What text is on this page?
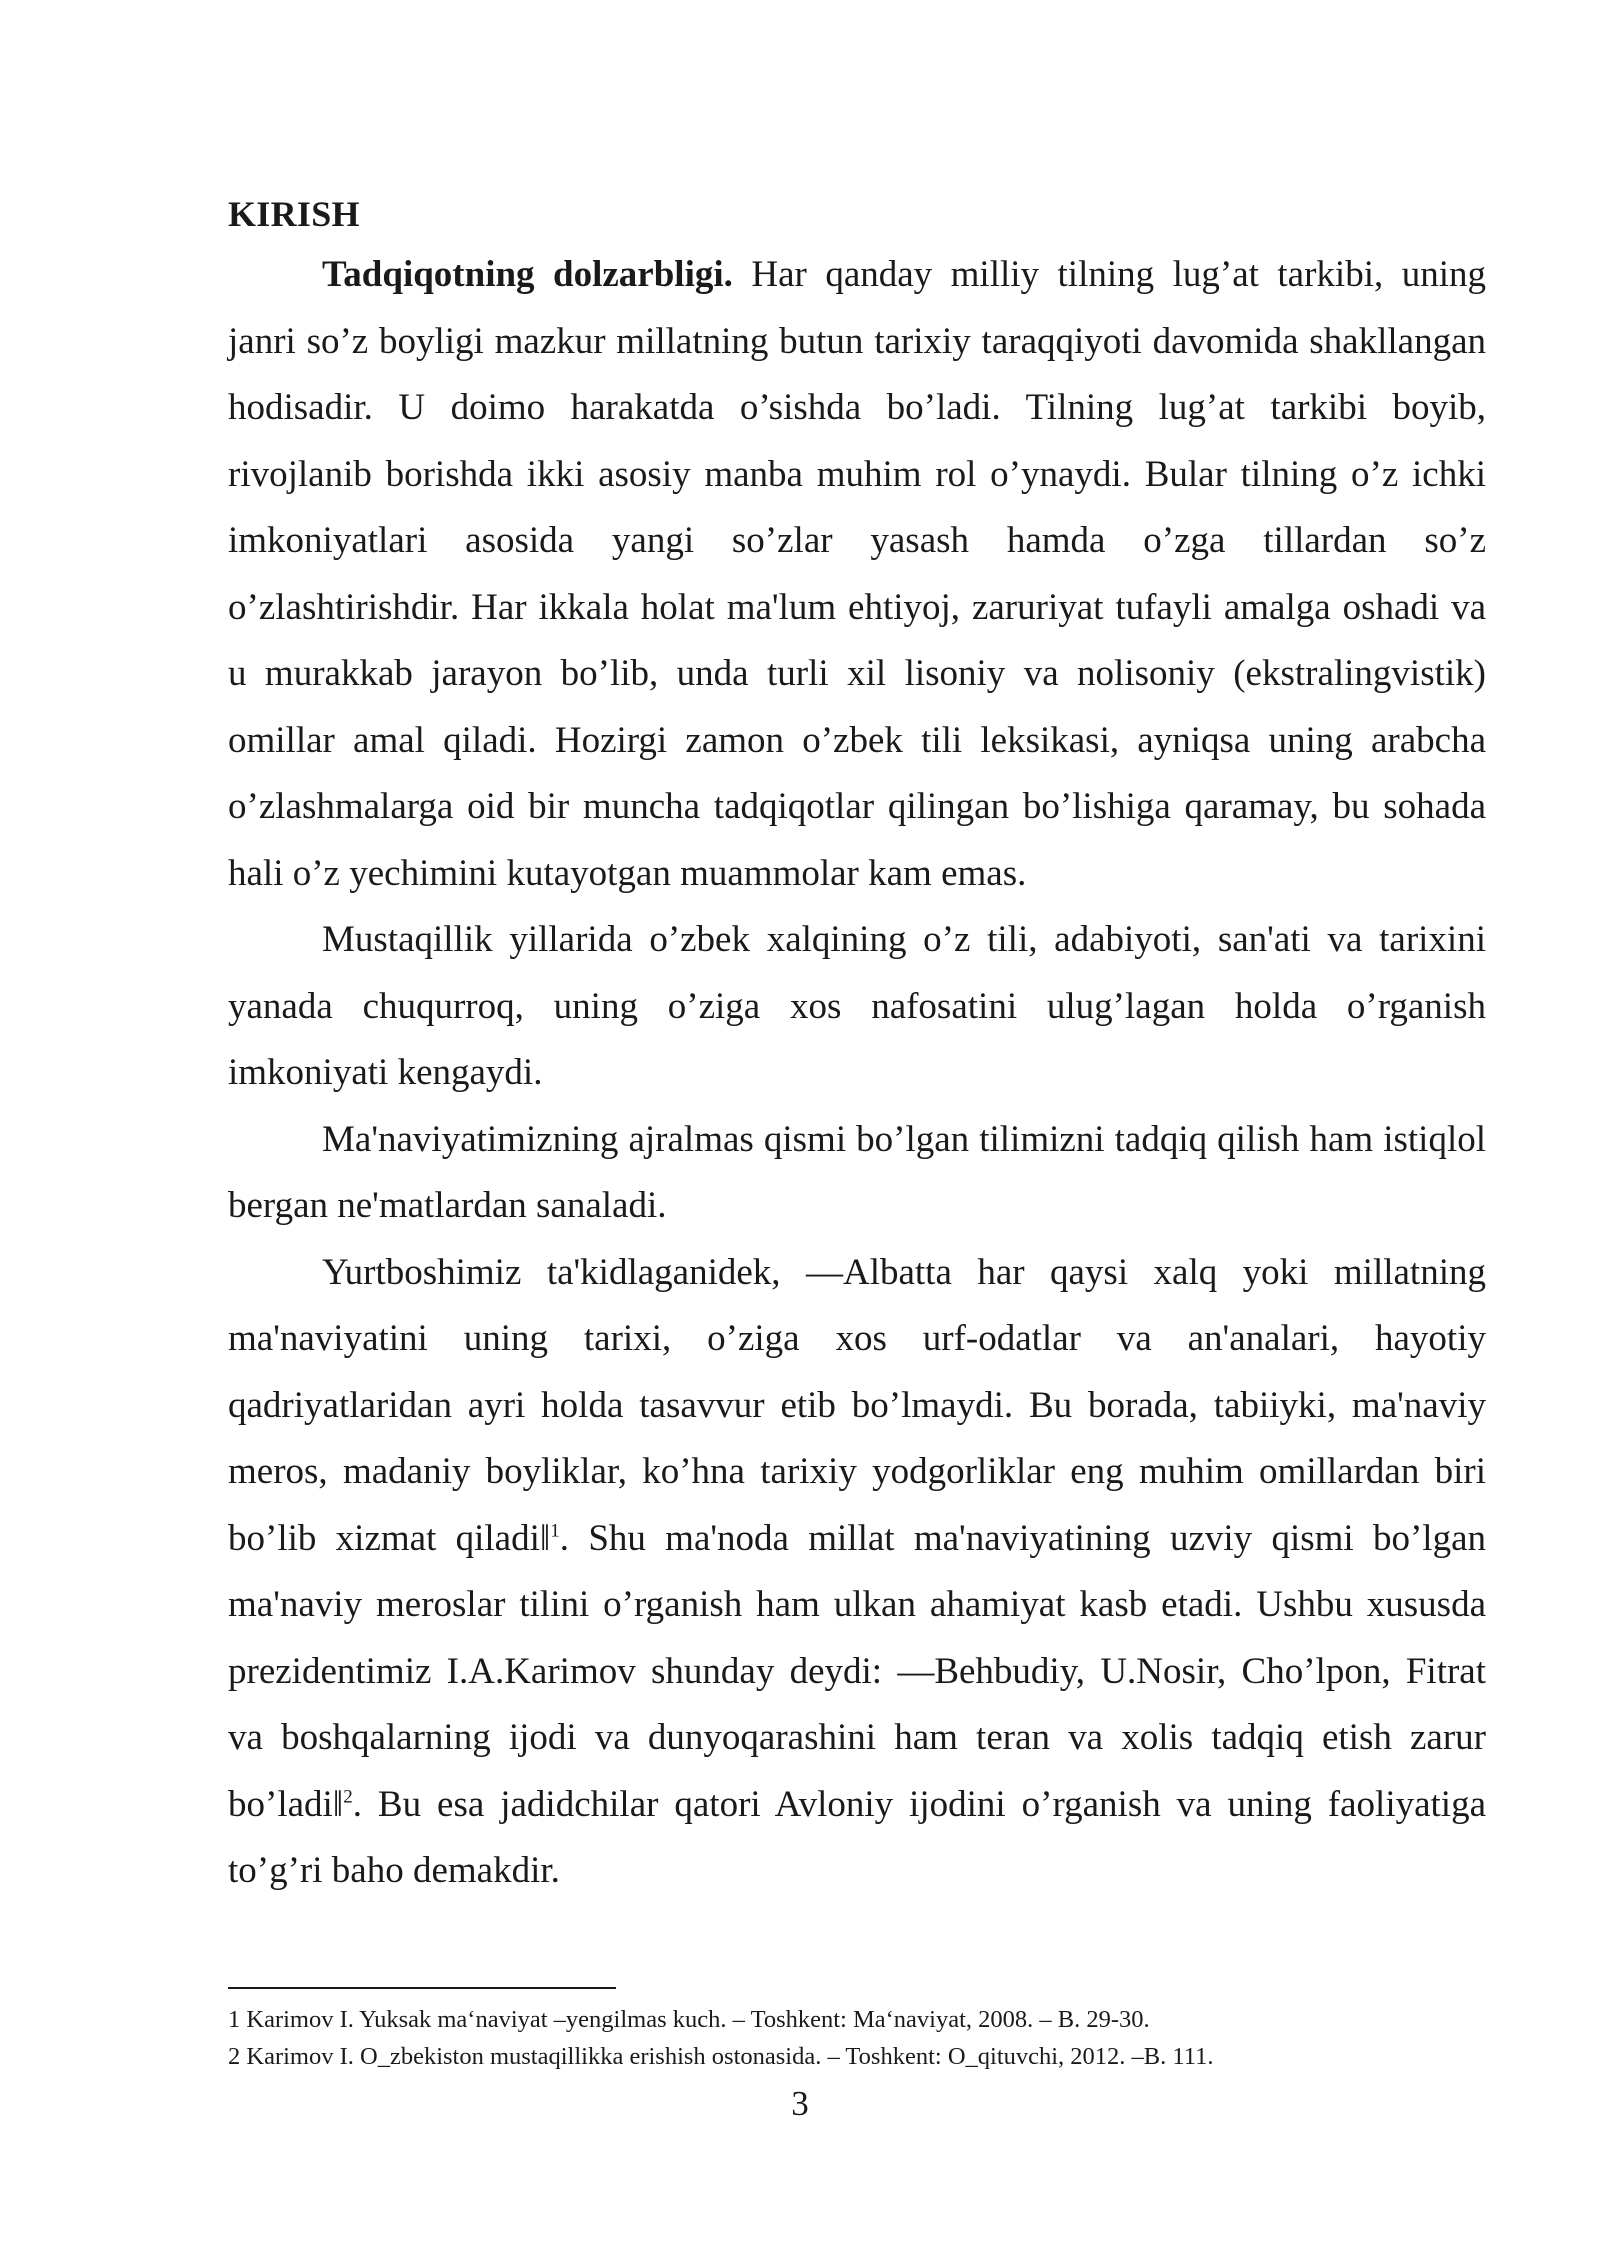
KIRISH

Tadqiqotning dolzarbligi. Har qanday milliy tilning lug’at tarkibi, uning janri so’z boyligi mazkur millatning butun tarixiy taraqqiyoti davomida shakllangan hodisadir. U doimo harakatda o’sishda bo’ladi. Tilning lug’at tarkibi boyib, rivojlanib borishda ikki asosiy manba muhim rol o’ynaydi. Bular tilning o’z ichki imkoniyatlari asosida yangi so’zlar yasash hamda o’zga tillardan so’z o’zlashtirishdir. Har ikkala holat ma'lum ehtiyoj, zaruriyat tufayli amalga oshadi va u murakkab jarayon bo’lib, unda turli xil lisoniy va nolisoniy (ekstralingvistik) omillar amal qiladi. Hozirgi zamon o’zbek tili leksikasi, ayniqsa uning arabcha o’zlashmalarga oid bir muncha tadqiqotlar qilingan bo’lishiga qaramay, bu sohada hali o’z yechimini kutayotgan muammolar kam emas.

Mustaqillik yillarida o’zbek xalqining o’z tili, adabiyoti, san'ati va tarixini yanada chuqurroq, uning o’ziga xos nafosatini ulug’lagan holda o’rganish imkoniyati kengaydi.

Ma'naviyatimizning ajralmas qismi bo’lgan tilimizni tadqiq qilish ham istiqlol bergan ne'matlardan sanaladi.

Yurtboshimiz ta'kidlaganidek, ―Albatta har qaysi xalq yoki millatning ma'naviyatini uning tarixi, o’ziga xos urf-odatlar va an'analari, hayotiy qadriyatlaridan ayri holda tasavvur etib bo’lmaydi. Bu borada, tabiiyki, ma'naviy meros, madaniy boyliklar, ko’hna tarixiy yodgorliklar eng muhim omillardan biri bo’lib xizmat qiladi‖$^1$. Shu ma'noda millat ma'naviyatining uzviy qismi bo’lgan ma'naviy meroslar tilini o’rganish ham ulkan ahamiyat kasb etadi. Ushbu xususda prezidentimiz I.A.Karimov shunday deydi: ―Behbudiy, U.Nosir, Cho’lpon, Fitrat va boshqalarning ijodi va dunyoqarashini ham teran va xolis tadqiq etish zarur bo’ladi‖$^2$. Bu esa jadidchilar qatori Avloniy ijodini o’rganish va uning faoliyatiga to’g’ri baho demakdir.

1 Karimov I. Yuksak ma‘naviyat –yengilmas kuch. – Toshkent: Ma‘naviyat, 2008. – B. 29-30.

2 Karimov I. O_zbekiston mustaqillikka erishish ostonasida. – Toshkent: O_qituvchi, 2012. –B. 111.

3
